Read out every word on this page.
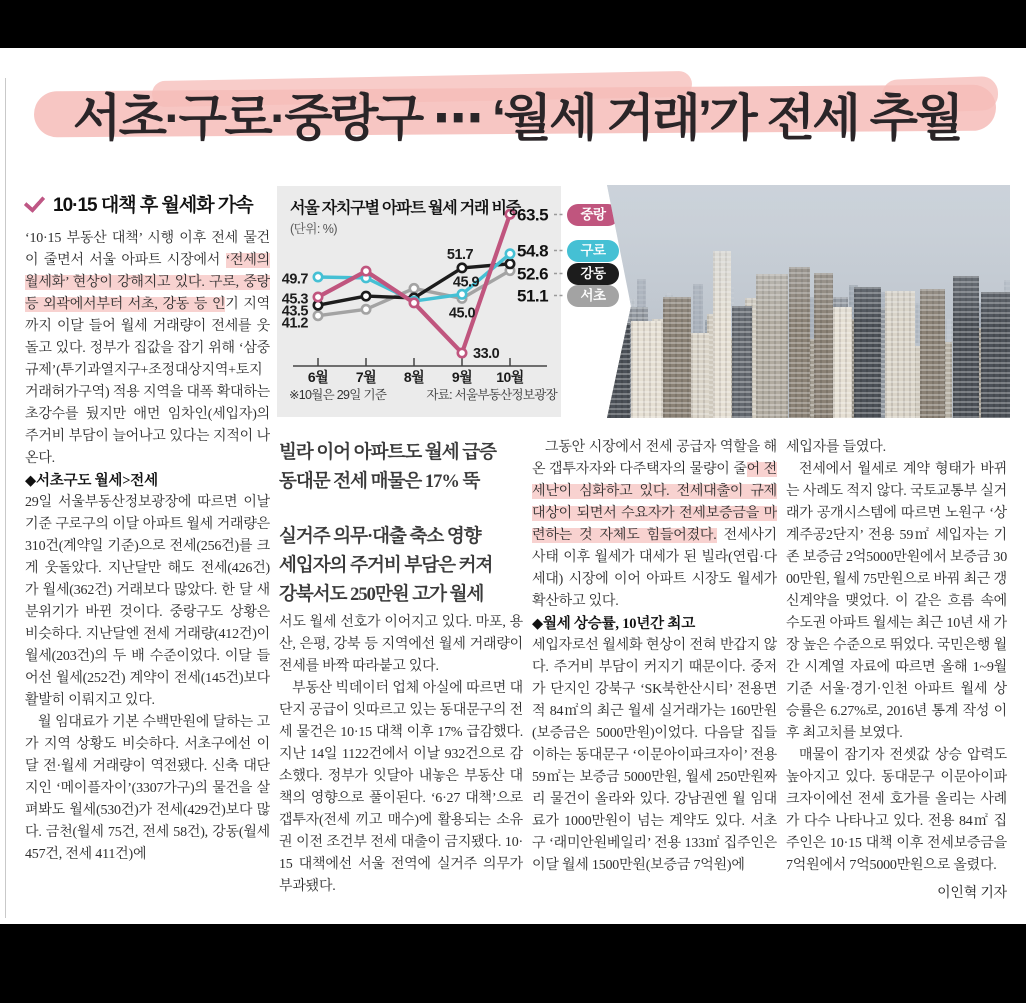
서초·구로·중랑구 ⋯ ‘월세 거래’가 전세 추월
10·15 대책 후 월세화 가속

‘10·15 부동산 대책’ 시행 이후 전세 물건이 줄면서 서울 아파트 시장에서 ‘전세의 월세화’ 현상이 강해지고 있다. 구로, 중랑 등 외곽에서부터 서초, 강동 등 인기 지역까지 이달 들어 월세 거래량이 전세를 웃돌고 있다. 정부가 집값을 잡기 위해 ‘삼중 규제’(투기과열지구+조정대상지역+토지거래허가구역) 적용 지역을 대폭 확대하는 초강수를 뒀지만 애먼 임차인(세입자)의 주거비 부담이 늘어나고 있다는 지적이 나온다.

◆서초구도 월세>전세

29일 서울부동산정보광장에 따르면 이날 기준 구로구의 이달 아파트 월세 거래량은 310건(계약일 기준)으로 전세(256건)를 크게 웃돌았다. 지난달만 해도 전세(426건)가 월세(362건) 거래보다 많았다. 한 달 새 분위기가 바뀐 것이다. 중랑구도 상황은 비슷하다. 지난달엔 전세 거래량(412건)이 월세(203건)의 두 배 수준이었다. 이달 들어선 월세(252건) 계약이 전세(145건)보다 활발히 이뤄지고 있다.

월 임대료가 기본 수백만원에 달하는 고가 지역 상황도 비슷하다. 서초구에선 이달 전·월세 거래량이 역전됐다. 신축 대단지인 ‘메이플자이’(3307가구)의 물건을 살펴봐도 월세(530건)가 전세(429건)보다 많다. 금천(월세 75건, 전세 58건), 강동(월세 457건, 전세 411건)에

6월 7월 8월 9월 10월
45.3
49.7
43.5
41.2
33.0
45.9
51.7
45.0
63.5
54.8
52.6
51.1
서울 자치구별 아파트 월세 거래 비중
(단위: %)
※10월은 29일 기준	자료: 서울부동산정보광장
중랑
구로
강동
서초
빌라 이어 아파트도 월세 급증
동대문 전세 매물은 17% 뚝
실거주 의무·대출 축소 영향
세입자의 주거비 부담은 커져
강북서도 250만원 고가 월세

서도 월세 선호가 이어지고 있다. 마포, 용산, 은평, 강북 등 지역에선 월세 거래량이 전세를 바짝 따라붙고 있다.

부동산 빅데이터 업체 아실에 따르면 대단지 공급이 잇따르고 있는 동대문구의 전세 물건은 10·15 대책 이후 17% 급감했다. 지난 14일 1122건에서 이날 932건으로 감소했다. 정부가 잇달아 내놓은 부동산 대책의 영향으로 풀이된다. ‘6·27 대책’으로 갭투자(전세 끼고 매수)에 활용되는 소유권 이전 조건부 전세 대출이 금지됐다. 10·15 대책에선 서울 전역에 실거주 의무가 부과됐다.

그동안 시장에서 전세 공급자 역할을 해온 갭투자자와 다주택자의 물량이 줄어 전세난이 심화하고 있다. 전세대출이 규제 대상이 되면서 수요자가 전세보증금을 마련하는 것 자체도 힘들어졌다. 전세사기 사태 이후 월세가 대세가 된 빌라(연립·다세대) 시장에 이어 아파트 시장도 월세가 확산하고 있다.

◆월세 상승률, 10년간 최고

세입자로선 월세화 현상이 전혀 반갑지 않다. 주거비 부담이 커지기 때문이다. 중저가 단지인 강북구 ‘SK북한산시티’ 전용면적 84㎡의 최근 월세 실거래가는 160만원(보증금은 5000만원)이었다. 다음달 집들이하는 동대문구 ‘이문아이파크자이’ 전용 59㎡는 보증금 5000만원, 월세 250만원짜리 물건이 올라와 있다. 강남권엔 월 임대료가 1000만원이 넘는 계약도 있다. 서초구 ‘래미안원베일리’ 전용 133㎡ 집주인은 이달 월세 1500만원(보증금 7억원)에

세입자를 들였다.

전세에서 월세로 계약 형태가 바뀌는 사례도 적지 않다. 국토교통부 실거래가 공개시스템에 따르면 노원구 ‘상계주공2단지’ 전용 59㎡ 세입자는 기존 보증금 2억5000만원에서 보증금 3000만원, 월세 75만원으로 바꿔 최근 갱신계약을 맺었다. 이 같은 흐름 속에 수도권 아파트 월세는 최근 10년 새 가장 높은 수준으로 뛰었다. 국민은행 월간 시계열 자료에 따르면 올해 1~9월 기준 서울·경기·인천 아파트 월세 상승률은 6.27%로, 2016년 통계 작성 이후 최고치를 보였다.

매물이 잠기자 전셋값 상승 압력도 높아지고 있다. 동대문구 이문아이파크자이에선 전세 호가를 올리는 사례가 다수 나타나고 있다. 전용 84㎡ 집주인은 10·15 대책 이후 전세보증금을 7억원에서 7억5000만원으로 올렸다.

이인혁 기자
